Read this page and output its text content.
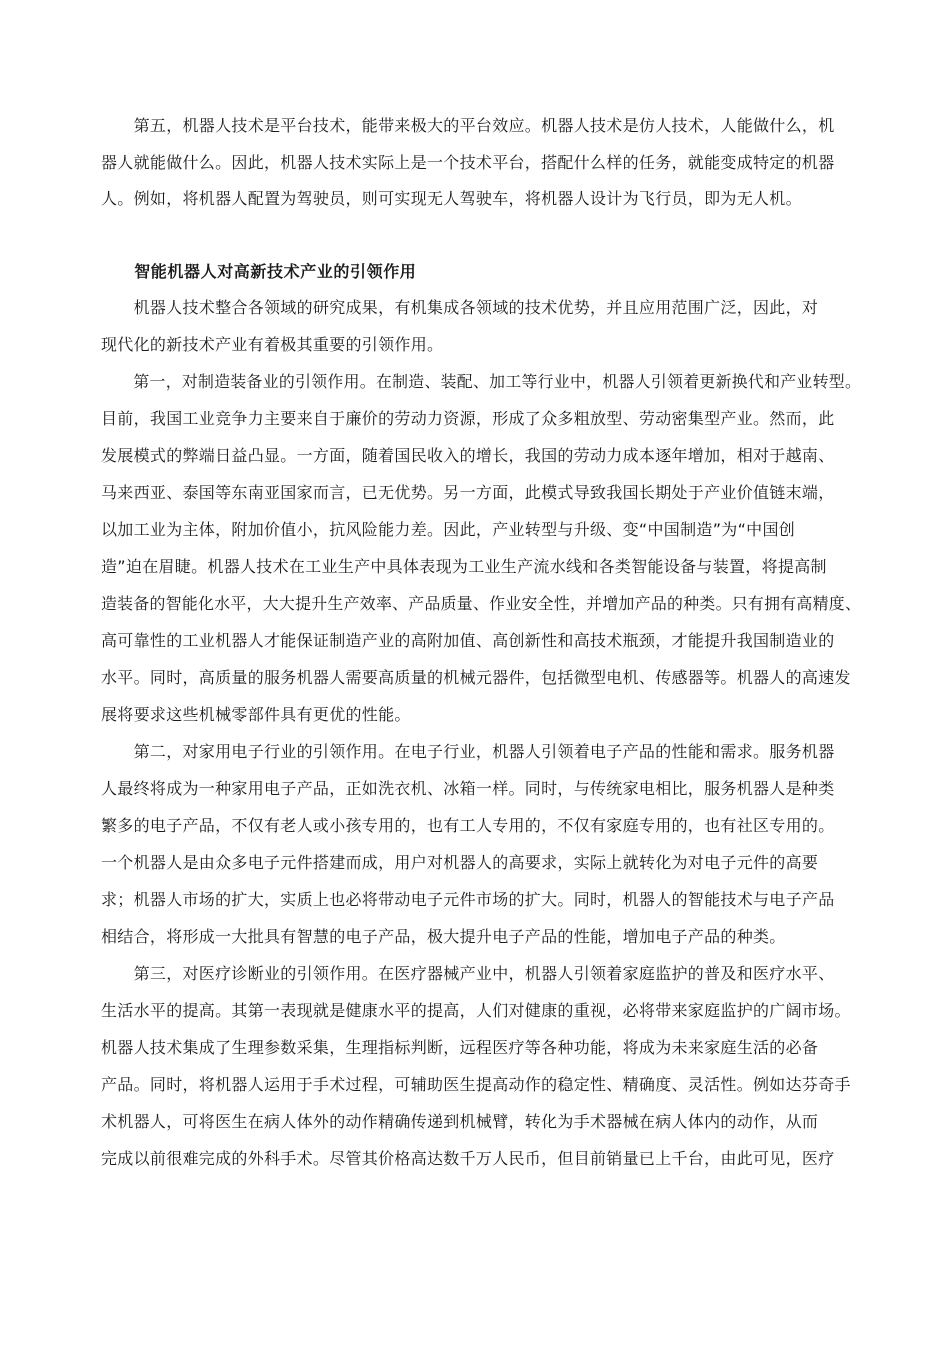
　　第五，机器人技术是平台技术，能带来极大的平台效应。机器人技术是仿人技术，人能做什么，机
器人就能做什么。因此，机器人技术实际上是一个技术平台，搭配什么样的任务，就能变成特定的机器
人。例如，将机器人配置为驾驶员，则可实现无人驾驶车，将机器人设计为飞行员，即为无人机。
　　智能机器人对高新技术产业的引领作用
　　机器人技术整合各领域的研究成果，有机集成各领域的技术优势，并且应用范围广泛，因此，对
现代化的新技术产业有着极其重要的引领作用。
　　第一，对制造装备业的引领作用。在制造、装配、加工等行业中，机器人引领着更新换代和产业转型。
目前，我国工业竞争力主要来自于廉价的劳动力资源，形成了众多粗放型、劳动密集型产业。然而，此
发展模式的弊端日益凸显。一方面，随着国民收入的增长，我国的劳动力成本逐年增加，相对于越南、
马来西亚、泰国等东南亚国家而言，已无优势。另一方面，此模式导致我国长期处于产业价值链末端，
以加工业为主体，附加价值小，抗风险能力差。因此，产业转型与升级、变“中国制造”为“中国创
造”迫在眉睫。机器人技术在工业生产中具体表现为工业生产流水线和各类智能设备与装置，将提高制
造装备的智能化水平，大大提升生产效率、产品质量、作业安全性，并增加产品的种类。只有拥有高精度、
高可靠性的工业机器人才能保证制造产业的高附加值、高创新性和高技术瓶颈，才能提升我国制造业的
水平。同时，高质量的服务机器人需要高质量的机械元器件，包括微型电机、传感器等。机器人的高速发
展将要求这些机械零部件具有更优的性能。
　　第二，对家用电子行业的引领作用。在电子行业，机器人引领着电子产品的性能和需求。服务机器
人最终将成为一种家用电子产品，正如洗衣机、冰箱一样。同时，与传统家电相比，服务机器人是种类
繁多的电子产品，不仅有老人或小孩专用的，也有工人专用的，不仅有家庭专用的，也有社区专用的。
一个机器人是由众多电子元件搭建而成，用户对机器人的高要求，实际上就转化为对电子元件的高要
求；机器人市场的扩大，实质上也必将带动电子元件市场的扩大。同时，机器人的智能技术与电子产品
相结合，将形成一大批具有智慧的电子产品，极大提升电子产品的性能，增加电子产品的种类。
　　第三，对医疗诊断业的引领作用。在医疗器械产业中，机器人引领着家庭监护的普及和医疗水平、
生活水平的提高。其第一表现就是健康水平的提高，人们对健康的重视，必将带来家庭监护的广阔市场。
机器人技术集成了生理参数采集，生理指标判断，远程医疗等各种功能，将成为未来家庭生活的必备
产品。同时，将机器人运用于手术过程，可辅助医生提高动作的稳定性、精确度、灵活性。例如达芬奇手
术机器人，可将医生在病人体外的动作精确传递到机械臂，转化为手术器械在病人体内的动作，从而
完成以前很难完成的外科手术。尽管其价格高达数千万人民币，但目前销量已上千台，由此可见，医疗
